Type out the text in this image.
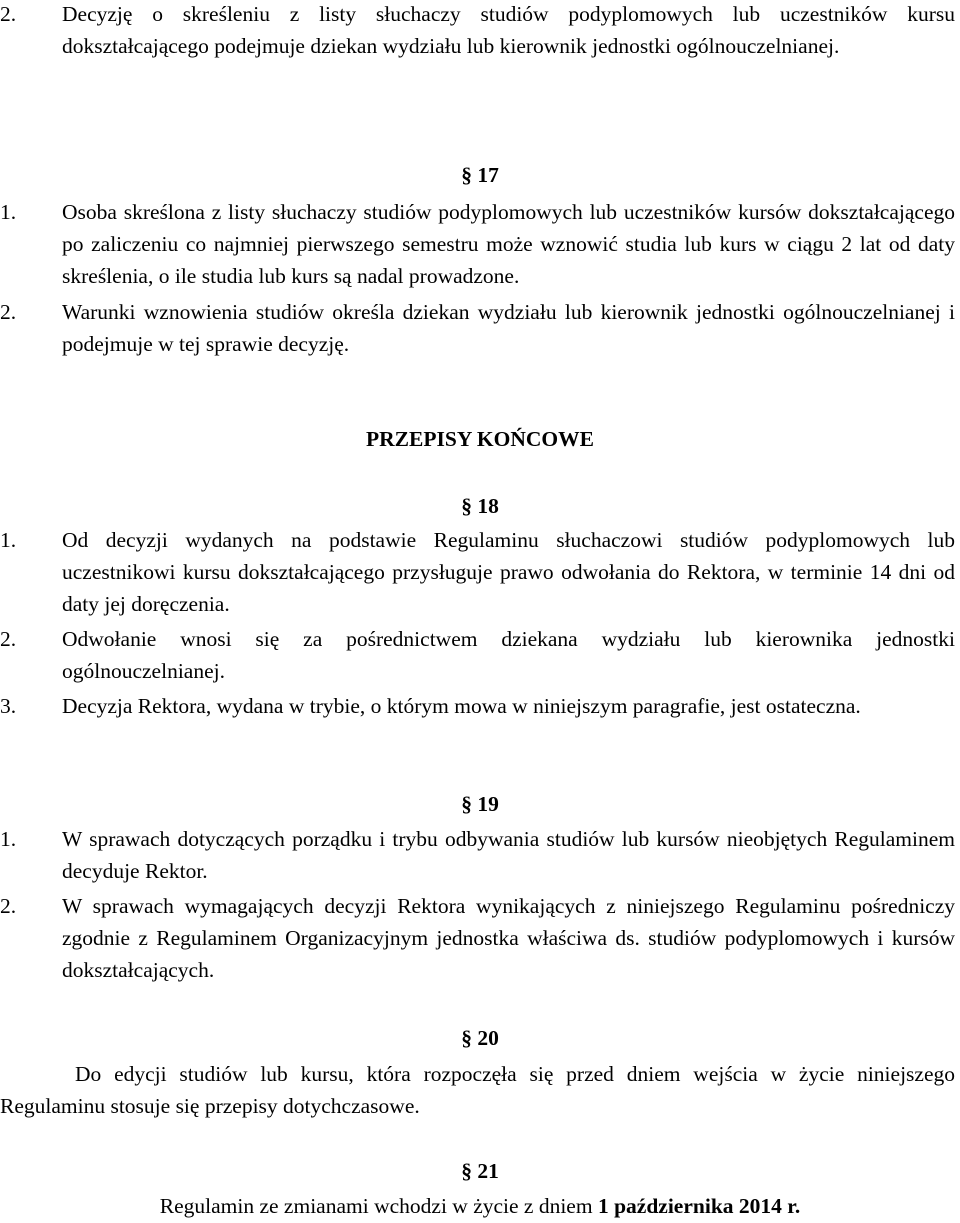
2.	Decyzję o skreśleniu z listy słuchaczy studiów podyplomowych lub uczestników kursu dokształcającego podejmuje dziekan wydziału lub kierownik jednostki ogólnouczelnianej.
§ 17
1.	Osoba skreślona z listy słuchaczy studiów podyplomowych lub uczestników kursów dokształcającego po zaliczeniu co najmniej pierwszego semestru może wznowić studia lub kurs w ciągu 2 lat od daty skreślenia, o ile studia lub kurs są nadal prowadzone.
2.	Warunki wznowienia studiów określa dziekan wydziału lub kierownik jednostki ogólnouczelnianej i podejmuje w tej sprawie decyzję.
PRZEPISY KOŃCOWE
§ 18
1.	Od decyzji wydanych na podstawie Regulaminu słuchaczowi studiów podyplomowych lub uczestnikowi kursu dokształcającego przysługuje prawo odwołania do Rektora, w terminie 14 dni od daty jej doręczenia.
2.	Odwołanie wnosi się za pośrednictwem dziekana wydziału lub kierownika jednostki ogólnouczelnianej.
3.	Decyzja Rektora, wydana w trybie, o którym mowa w niniejszym paragrafie, jest ostateczna.
§ 19
1.	W sprawach dotyczących porządku i trybu odbywania studiów lub kursów nieobjętych Regulaminem decyduje Rektor.
2.	W sprawach wymagających decyzji Rektora wynikających z niniejszego Regulaminu pośredniczy zgodnie z Regulaminem Organizacyjnym jednostka właściwa ds. studiów podyplomowych i kursów dokształcających.
§ 20
Do edycji studiów lub kursu, która rozpoczęła się przed dniem wejścia w życie niniejszego Regulaminu stosuje się przepisy dotychczasowe.
§ 21
Regulamin ze zmianami wchodzi w życie z dniem 1 października 2014 r.
